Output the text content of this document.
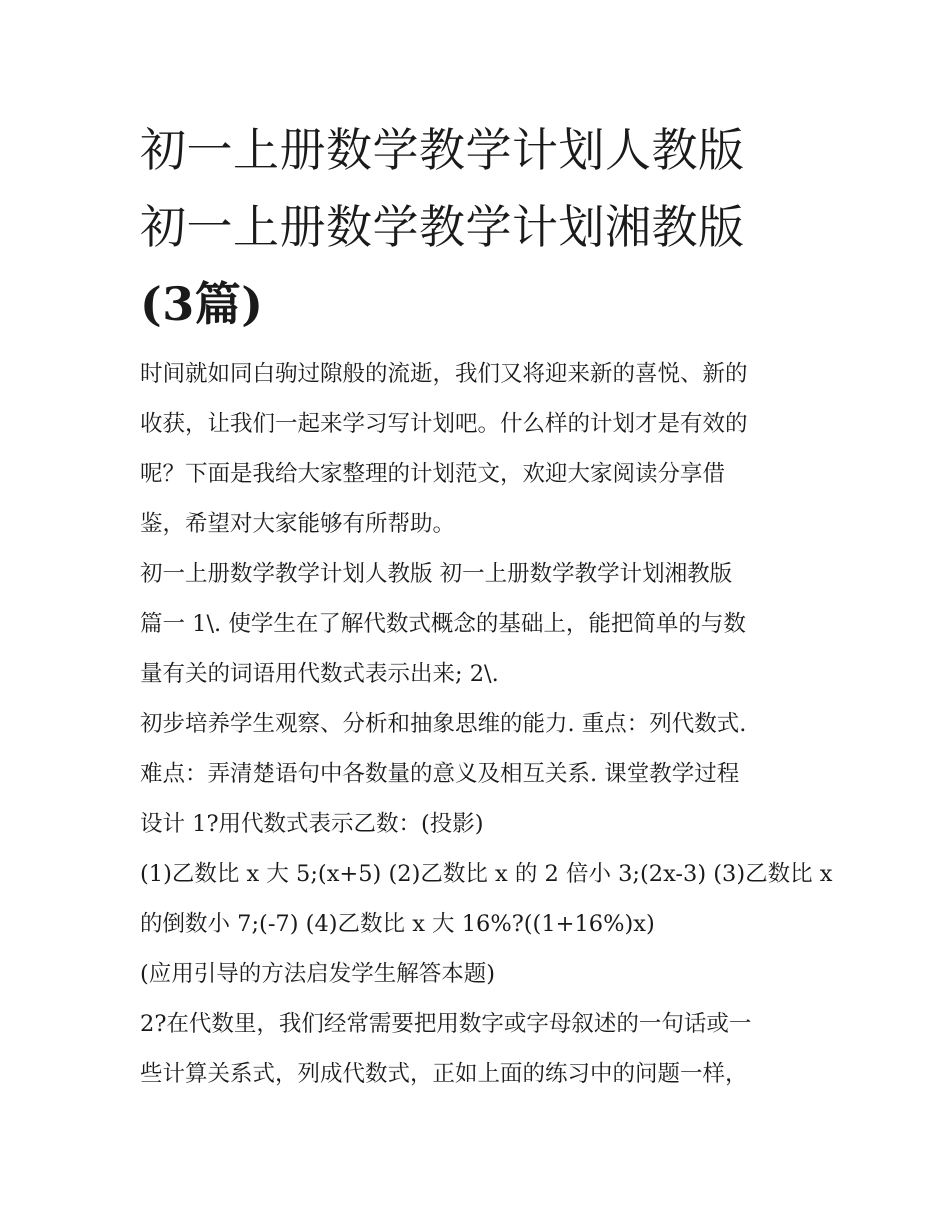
初一上册数学教学计划人教版
初一上册数学教学计划湘教版
(3篇)
时间就如同白驹过隙般的流逝，我们又将迎来新的喜悦、新的
收获，让我们一起来学习写计划吧。什么样的计划才是有效的
呢？下面是我给大家整理的计划范文，欢迎大家阅读分享借
鉴，希望对大家能够有所帮助。
初一上册数学教学计划人教版 初一上册数学教学计划湘教版
篇一 1\. 使学生在了解代数式概念的基础上，能把简单的与数
量有关的词语用代数式表示出来; 2\.
初步培养学生观察、分析和抽象思维的能力. 重点：列代数式.
难点：弄清楚语句中各数量的意义及相互关系. 课堂教学过程
设计 1?用代数式表示乙数：(投影)
(1)乙数比 x 大 5;(x+5) (2)乙数比 x 的 2 倍小 3;(2x-3) (3)乙数比 x
的倒数小 7;(-7) (4)乙数比 x 大 16%?((1+16%)x)
(应用引导的方法启发学生解答本题)
2?在代数里，我们经常需要把用数字或字母叙述的一句话或一
些计算关系式，列成代数式，正如上面的练习中的问题一样，
